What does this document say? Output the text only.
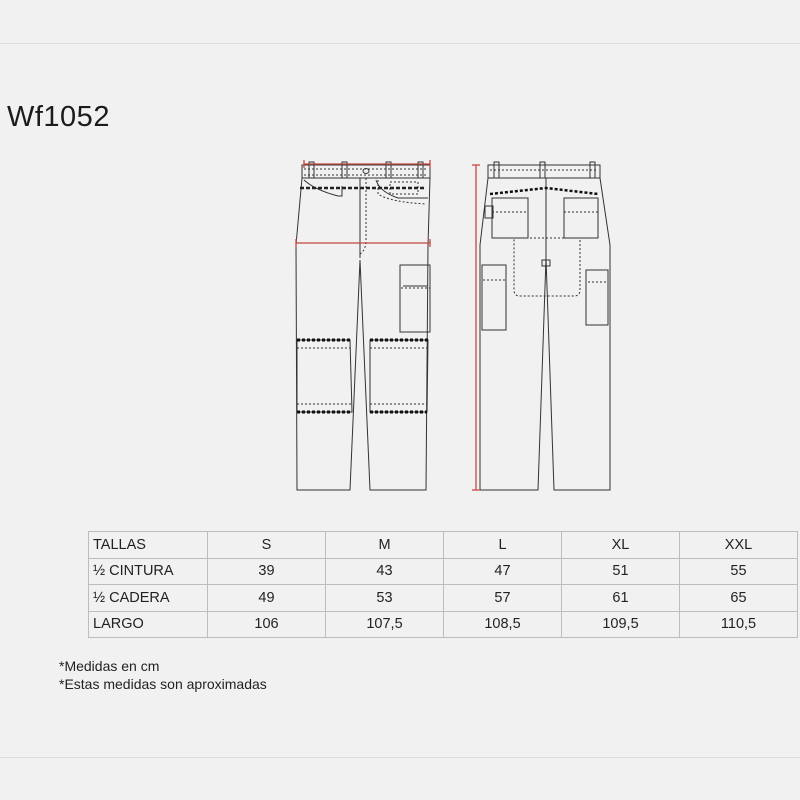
Wf1052
TALLAS	S	M	L	XL	XXL
½ CINTURA	39	43	47	51	55
½ CADERA	49	53	57	61	65
LARGO	106	107,5	108,5	109,5	110,5
*Medidas en cm
*Estas medidas son aproximadas
